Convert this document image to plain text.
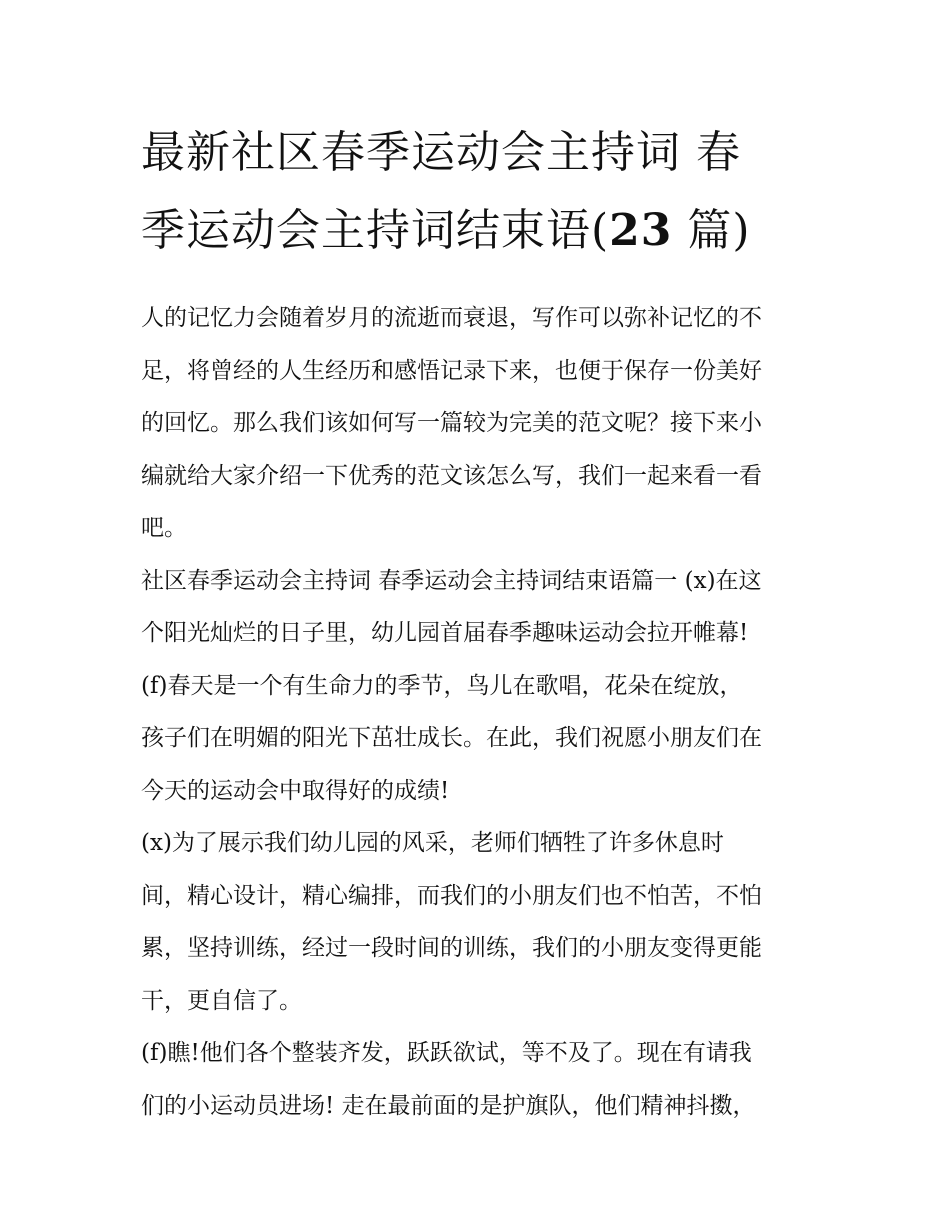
最新社区春季运动会主持词 春
季运动会主持词结束语(23 篇)

人的记忆力会随着岁月的流逝而衰退，写作可以弥补记忆的不
足，将曾经的人生经历和感悟记录下来，也便于保存一份美好
的回忆。那么我们该如何写一篇较为完美的范文呢？接下来小
编就给大家介绍一下优秀的范文该怎么写，我们一起来看一看
吧。

社区春季运动会主持词 春季运动会主持词结束语篇一 (x)在这
个阳光灿烂的日子里，幼儿园首届春季趣味运动会拉开帷幕!

(f)春天是一个有生命力的季节，鸟儿在歌唱，花朵在绽放，
孩子们在明媚的阳光下茁壮成长。在此，我们祝愿小朋友们在
今天的运动会中取得好的成绩!

(x)为了展示我们幼儿园的风采，老师们牺牲了许多休息时
间，精心设计，精心编排，而我们的小朋友们也不怕苦，不怕
累，坚持训练，经过一段时间的训练，我们的小朋友变得更能
干，更自信了。

(f)瞧!他们各个整装齐发，跃跃欲试，等不及了。现在有请我
们的小运动员进场! 走在最前面的是护旗队，他们精神抖擞，
